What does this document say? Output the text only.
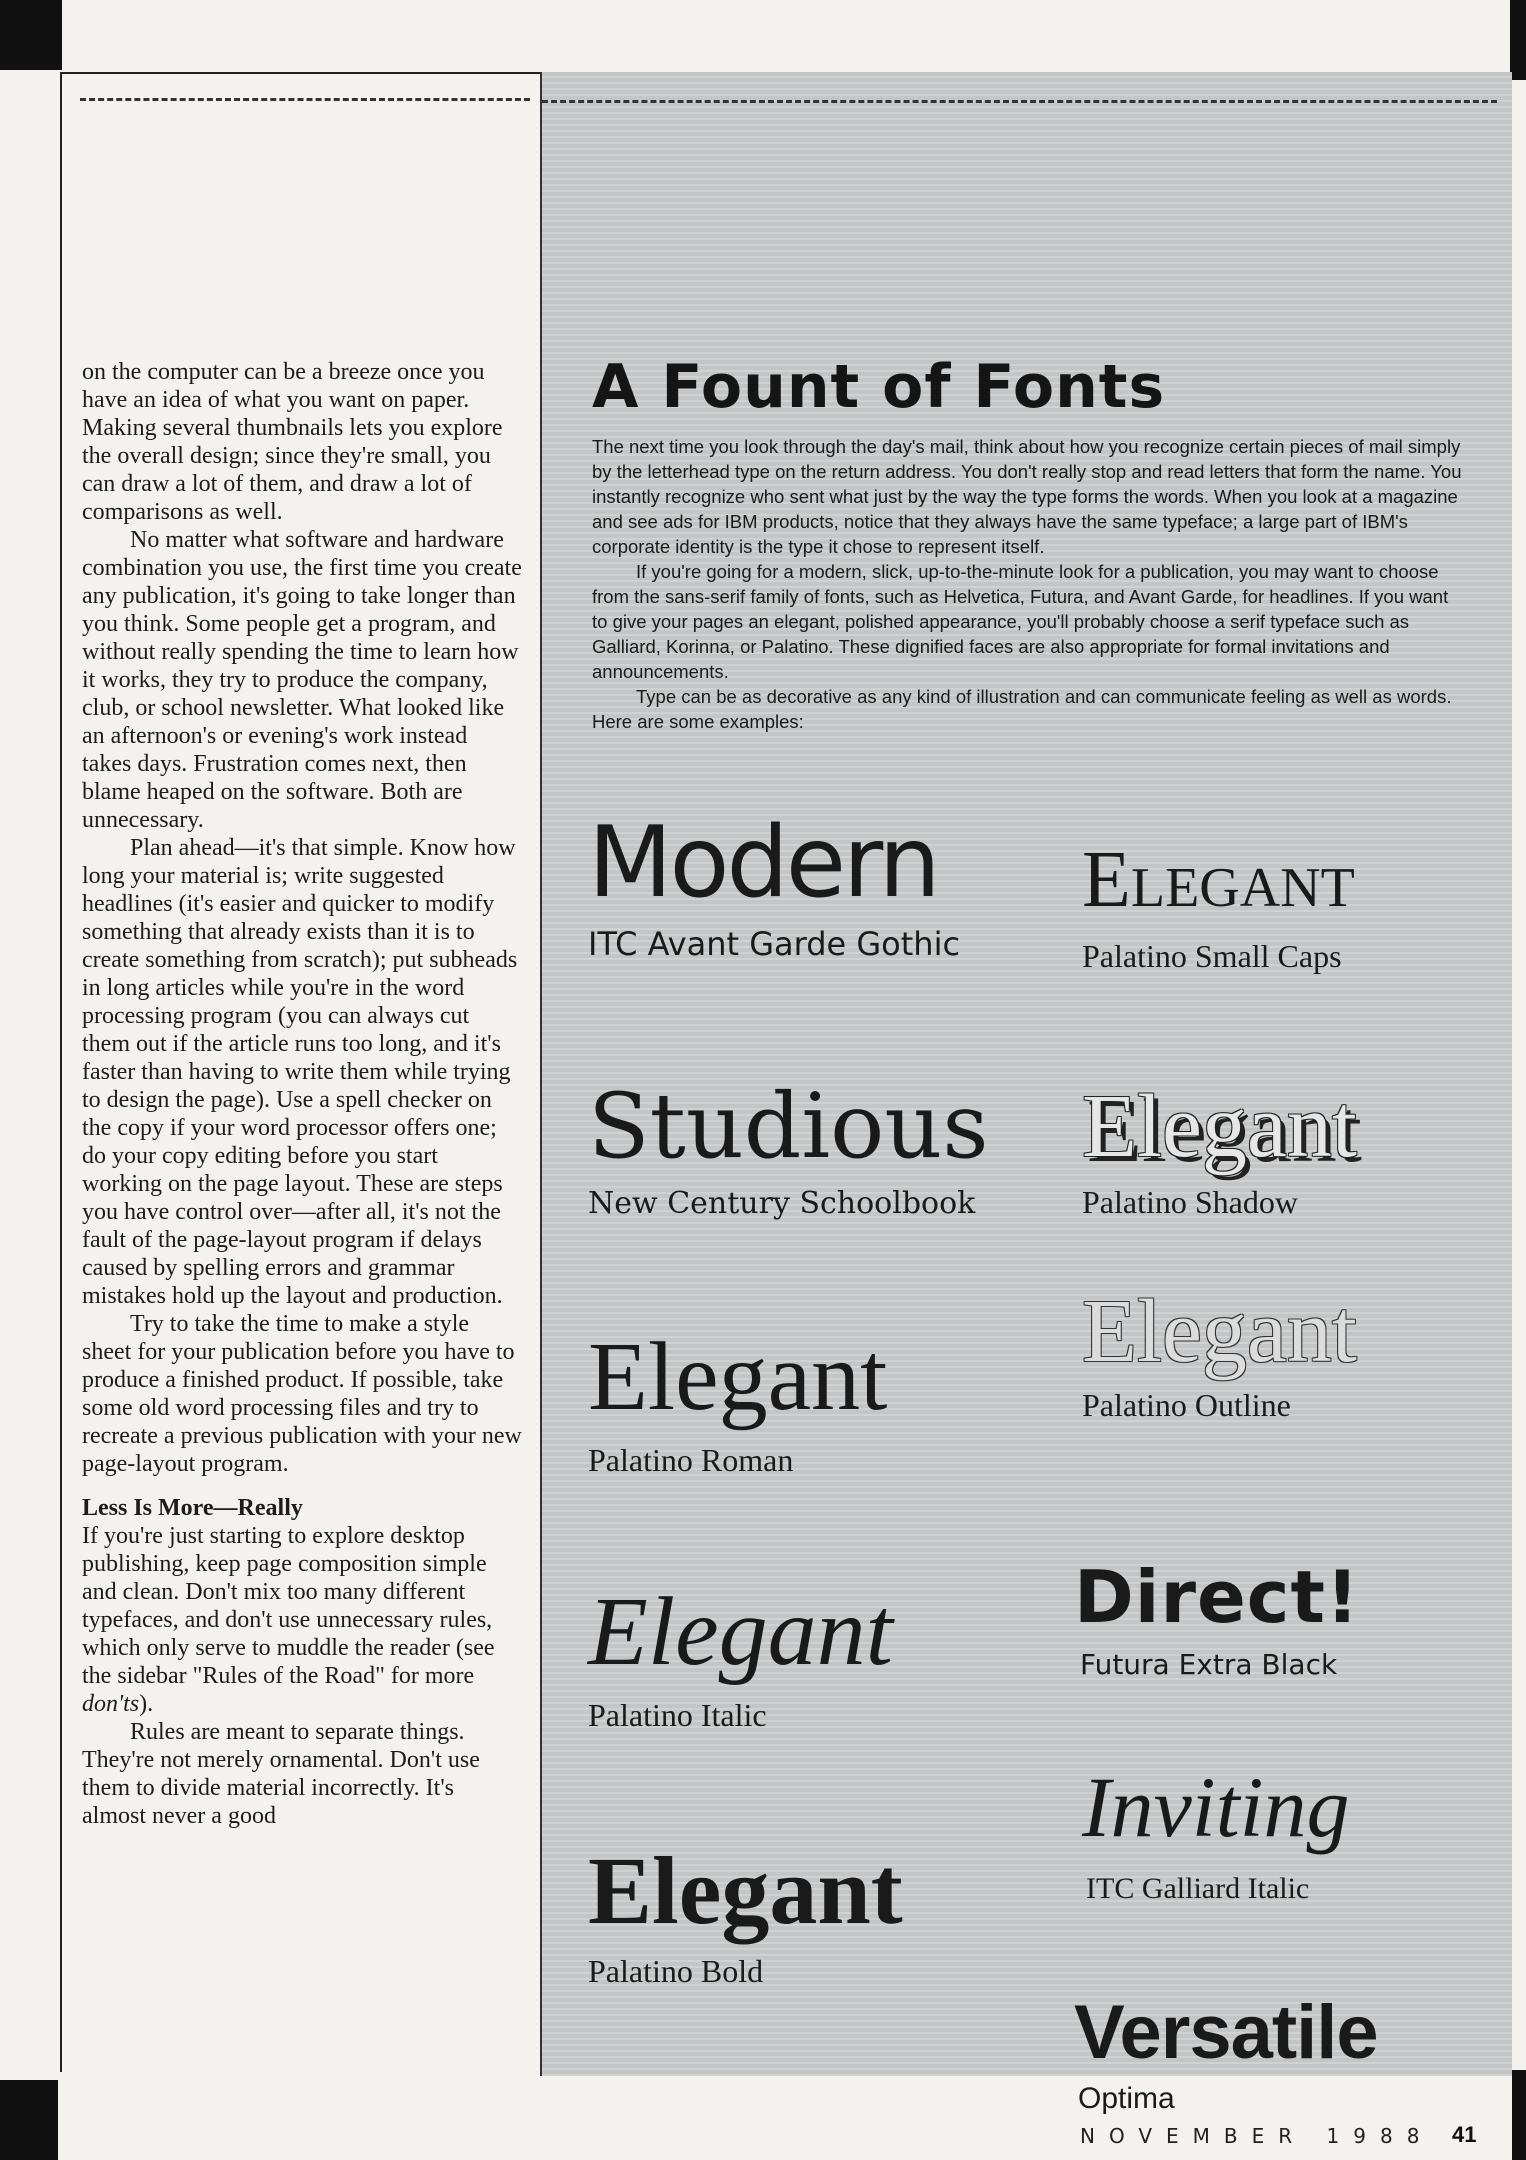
on the computer can be a breeze once you have an idea of what you want on paper. Making several thumbnails lets you explore the overall design; since they're small, you can draw a lot of them, and draw a lot of comparisons as well.

No matter what software and hardware combination you use, the first time you create any publication, it's going to take longer than you think. Some people get a program, and without really spending the time to learn how it works, they try to produce the company, club, or school newsletter. What looked like an afternoon's or evening's work instead takes days. Frustration comes next, then blame heaped on the software. Both are unnecessary.

Plan ahead—it's that simple. Know how long your material is; write suggested headlines (it's easier and quicker to modify something that already exists than it is to create something from scratch); put subheads in long articles while you're in the word processing program (you can always cut them out if the article runs too long, and it's faster than having to write them while trying to design the page). Use a spell checker on the copy if your word processor offers one; do your copy editing before you start working on the page layout. These are steps you have control over—after all, it's not the fault of the page-layout program if delays caused by spelling errors and grammar mistakes hold up the layout and production.

Try to take the time to make a style sheet for your publication before you have to produce a finished product. If possible, take some old word processing files and try to recreate a previous publication with your new page-layout program.

Less Is More—Really

If you're just starting to explore desktop publishing, keep page composition simple and clean. Don't mix too many different typefaces, and don't use unnecessary rules, which only serve to muddle the reader (see the sidebar "Rules of the Road" for more don'ts).

Rules are meant to separate things. They're not merely ornamental. Don't use them to divide material incorrectly. It's almost never a good

A Fount of Fonts

The next time you look through the day's mail, think about how you recognize certain pieces of mail simply by the letterhead type on the return address. You don't really stop and read letters that form the name. You instantly recognize who sent what just by the way the type forms the words. When you look at a magazine and see ads for IBM products, notice that they always have the same typeface; a large part of IBM's corporate identity is the type it chose to represent itself.

If you're going for a modern, slick, up-to-the-minute look for a publication, you may want to choose from the sans-serif family of fonts, such as Helvetica, Futura, and Avant Garde, for headlines. If you want to give your pages an elegant, polished appearance, you'll probably choose a serif typeface such as Galliard, Korinna, or Palatino. These dignified faces are also appropriate for formal invitations and announcements.

Type can be as decorative as any kind of illustration and can communicate feeling as well as words. Here are some examples:

Modern
ITC Avant Garde Gothic
Studious
New Century Schoolbook
Elegant
Palatino Roman
Elegant
Palatino Italic
Elegant
Palatino Bold
Elegant
Palatino Small Caps
Elegant
Palatino Shadow
Elegant
Palatino Outline
Direct!
Futura Extra Black
Inviting
ITC Galliard Italic
Versatile
Optima
NOVEMBER 1988 41
